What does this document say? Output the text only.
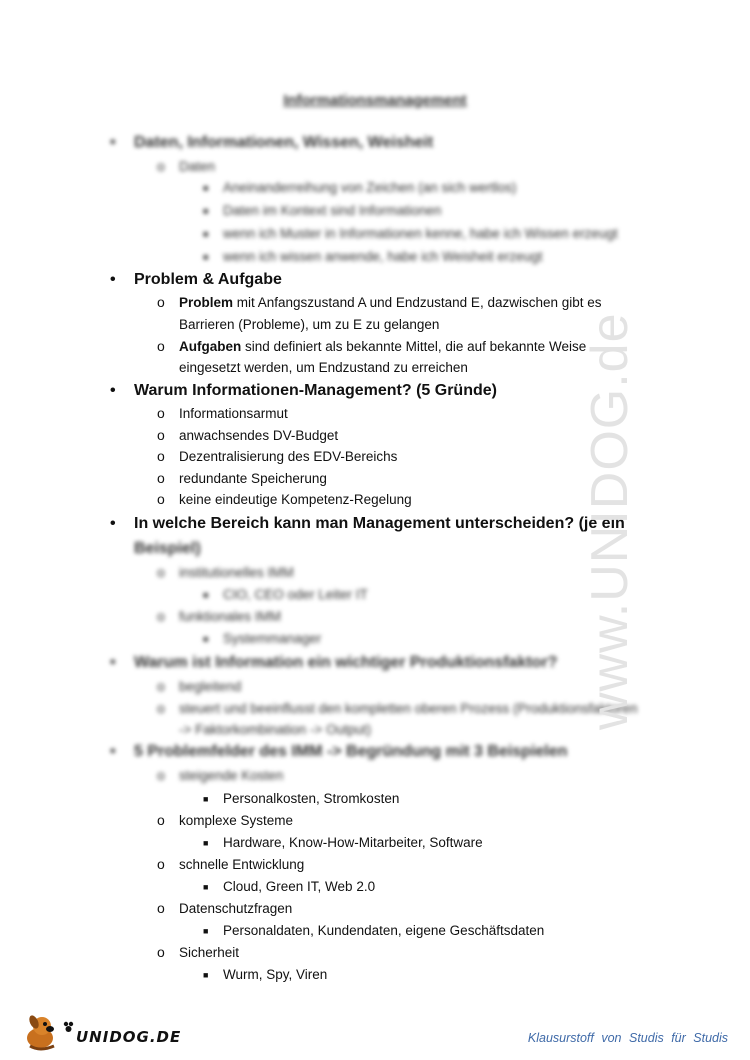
Informationsmanagement
• Daten, Informationen, Wissen, Weisheit
o Daten
■ Aneinanderreihung von Zeichen (an sich wertlos)
■ Daten im Kontext sind Informationen
■ wenn ich Muster in Informationen kenne, habe ich Wissen erzeugt
■ wenn ich wissen anwende, habe ich Weisheit erzeugt
• Problem & Aufgabe
o Problem mit Anfangszustand A und Endzustand E, dazwischen gibt es
Barrieren (Probleme), um zu E zu gelangen
o Aufgaben sind definiert als bekannte Mittel, die auf bekannte Weise
eingesetzt werden, um Endzustand zu erreichen
• Warum Informationen-Management? (5 Gründe)
o Informationsarmut
o anwachsendes DV-Budget
o Dezentralisierung des EDV-Bereichs
o redundante Speicherung
o keine eindeutige Kompetenz-Regelung
• In welche Bereich kann man Management unterscheiden? (je ein
Beispiel)
o institutionelles IMM
■ CIO, CEO oder Leiter IT
o funktionales IMM
■ Systemmanager
• Warum ist Information ein wichtiger Produktionsfaktor?
o begleitend
o steuert und beeinflusst den kompletten oberen Prozess (Produktionsfaktoren
-> Faktorkombination -> Output)
• 5 Problemfelder des IMM -> Begründung mit 3 Beispielen
o steigende Kosten
■ Personalkosten, Stromkosten
o komplexe Systeme
■ Hardware, Know-How-Mitarbeiter, Software
o schnelle Entwicklung
■ Cloud, Green IT, Web 2.0
o Datenschutzfragen
■ Personaldaten, Kundendaten, eigene Geschäftsdaten
o Sicherheit
■ Wurm, Spy, Viren
www.UNIDOG.de
UNIDOG.DE	Klausurstoff von Studis für Studis
